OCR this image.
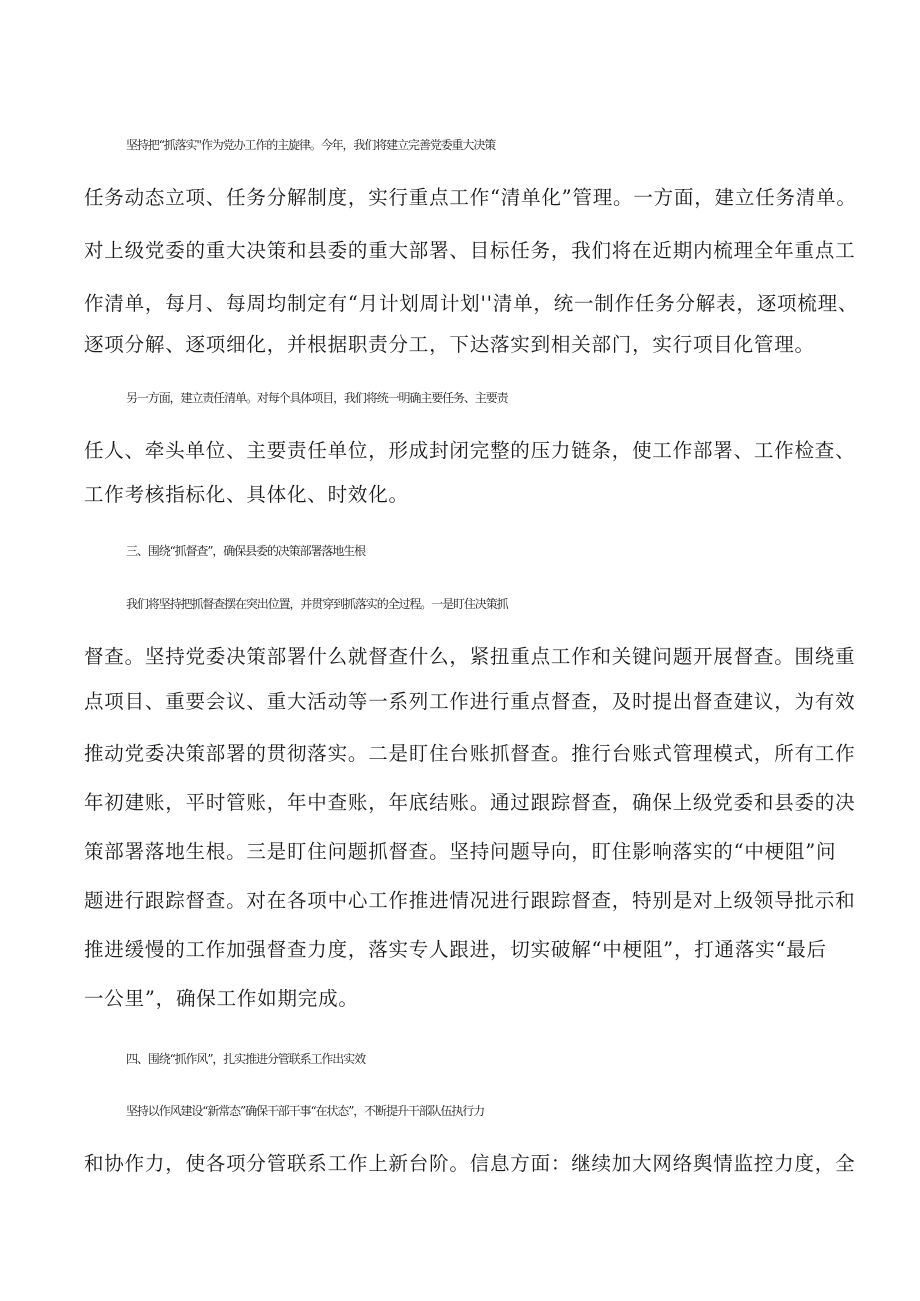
坚持把“抓落实''作为党办工作的主旋律。今年，我们将建立完善党委重大决策
任务动态立项、任务分解制度，实行重点工作“清单化”管理。一方面，建立任务清单。
对上级党委的重大决策和县委的重大部署、目标任务，我们将在近期内梳理全年重点工
作清单，每月、每周均制定有“月计划周计划''清单，统一制作任务分解表，逐项梳理、
逐项分解、逐项细化，并根据职责分工，下达落实到相关部门，实行项目化管理。
另一方面，建立责任清单。对每个具体项目，我们将统一明确主要任务、主要责
任人、牵头单位、主要责任单位，形成封闭完整的压力链条，使工作部署、工作检查、
工作考核指标化、具体化、时效化。
三、围绕“抓督查”，确保县委的决策部署落地生根
我们将坚持把抓督查摆在突出位置，并贯穿到抓落实的全过程。一是盯住决策抓
督查。坚持党委决策部署什么就督查什么，紧扭重点工作和关键问题开展督查。围绕重
点项目、重要会议、重大活动等一系列工作进行重点督查，及时提出督查建议，为有效
推动党委决策部署的贯彻落实。二是盯住台账抓督查。推行台账式管理模式，所有工作
年初建账，平时管账，年中查账，年底结账。通过跟踪督查，确保上级党委和县委的决
策部署落地生根。三是盯住问题抓督查。坚持问题导向，盯住影响落实的“中梗阻”问
题进行跟踪督查。对在各项中心工作推进情况进行跟踪督查，特别是对上级领导批示和
推进缓慢的工作加强督查力度，落实专人跟进，切实破解“中梗阻”，打通落实“最后
一公里”，确保工作如期完成。
四、围绕“抓作风”，扎实推进分管联系工作出实效
坚持以作风建设“新常态”确保干部干事“在状态”，不断提升干部队伍执行力
和协作力，使各项分管联系工作上新台阶。信息方面：继续加大网络舆情监控力度，全
